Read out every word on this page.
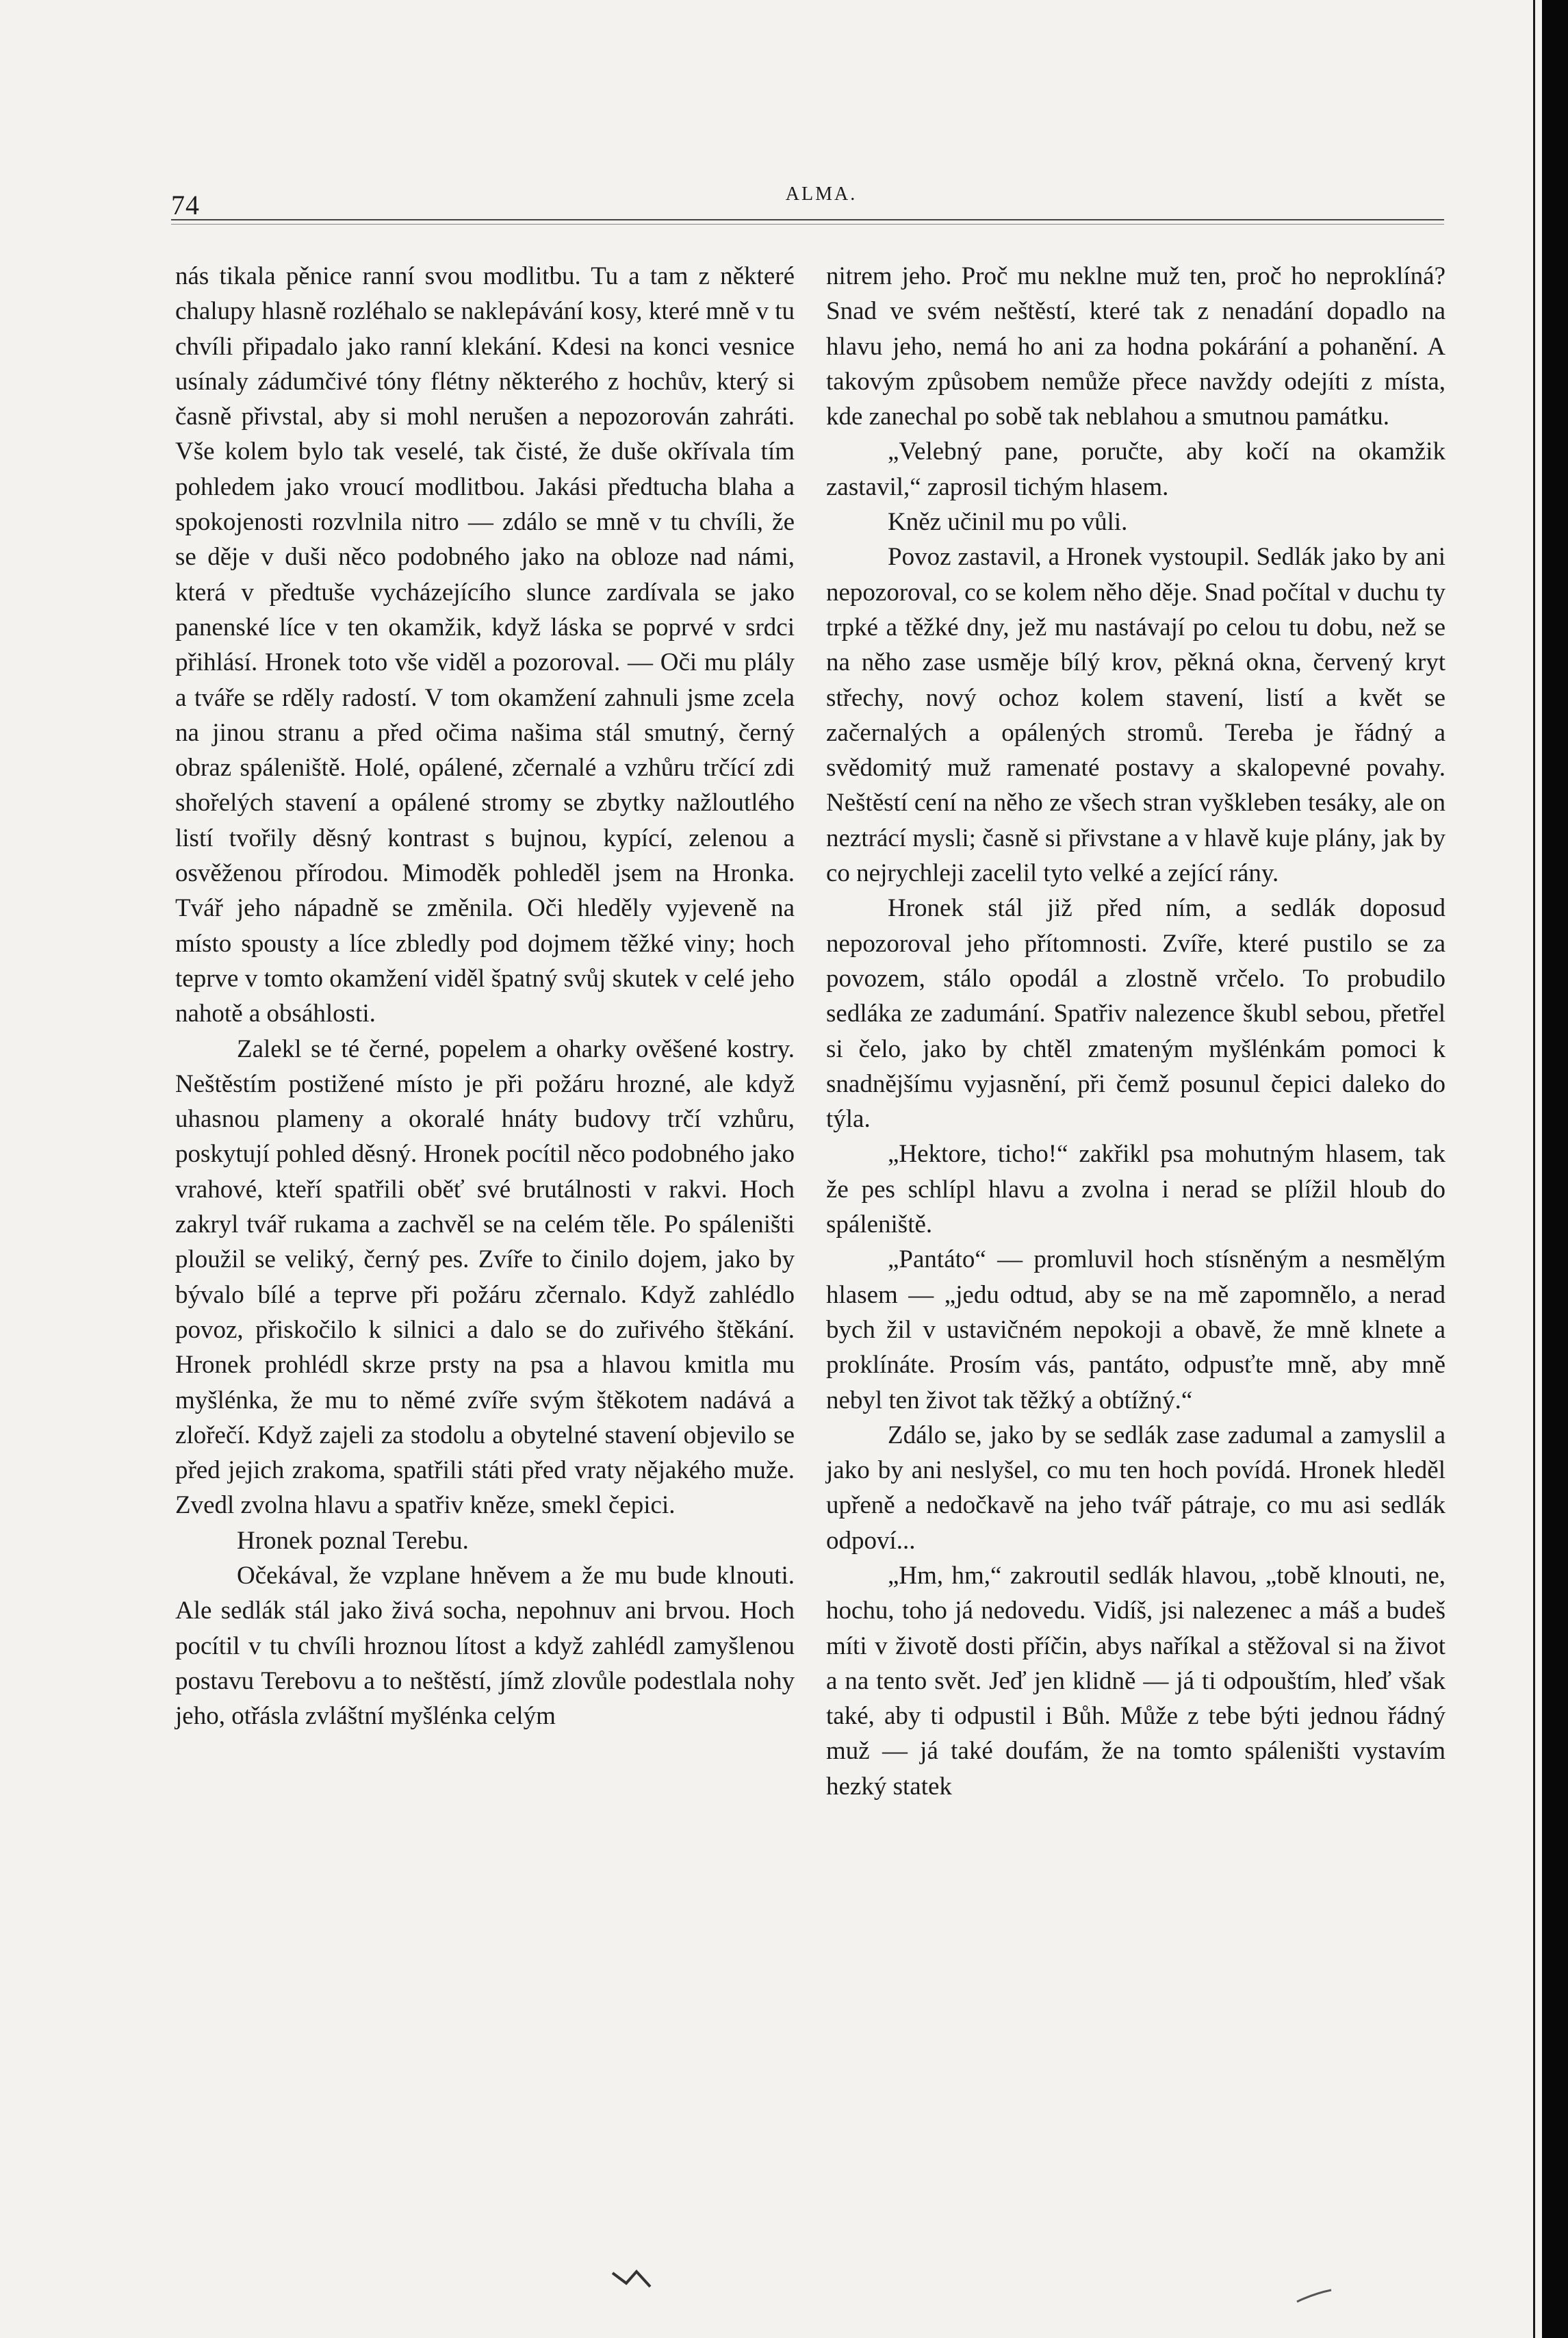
74	ALMA.

nás tikala pěnice ranní svou modlitbu. Tu a tam z některé chalupy hlasně rozléhalo se naklepávání kosy, které mně v tu chvíli připadalo jako ranní klekání. Kdesi na konci vesnice usínaly zádumčivé tóny flétny některého z hochův, který si časně přivstal, aby si mohl nerušen a nepozorován zahráti. Vše kolem bylo tak veselé, tak čisté, že duše okřívala tím pohledem jako vroucí modlitbou. Jakási předtucha blaha a spokojenosti rozvlnila nitro — zdálo se mně v tu chvíli, že se děje v duši něco podobného jako na obloze nad námi, která v předtuše vycházejícího slunce zardívala se jako panenské líce v ten okamžik, když láska se poprvé v srdci přihlásí. Hronek toto vše viděl a pozoroval. — Oči mu plály a tváře se rděly radostí. V tom okamžení zahnuli jsme zcela na jinou stranu a před očima našima stál smutný, černý obraz spáleniště. Holé, opálené, zčernalé a vzhůru trčící zdi shořelých stavení a opálené stromy se zbytky nažloutlého listí tvořily děsný kontrast s bujnou, kypící, zelenou a osvěženou přírodou. Mimoděk pohleděl jsem na Hronka. Tvář jeho nápadně se změnila. Oči hleděly vyjeveně na místo spousty a líce zbledly pod dojmem těžké viny; hoch teprve v tomto okamžení viděl špatný svůj skutek v celé jeho nahotě a obsáhlosti.

Zalekl se té černé, popelem a oharky ověšené kostry. Neštěstím postižené místo je při požáru hrozné, ale když uhasnou plameny a okoralé hnáty budovy trčí vzhůru, poskytují pohled děsný. Hronek pocítil něco podobného jako vrahové, kteří spatřili oběť své brutálnosti v rakvi. Hoch zakryl tvář rukama a zachvěl se na celém těle. Po spáleništi ploužil se veliký, černý pes. Zvíře to činilo dojem, jako by bývalo bílé a teprve při požáru zčernalo. Když zahlédlo povoz, přiskočilo k silnici a dalo se do zuřivého štěkání. Hronek prohlédl skrze prsty na psa a hlavou kmitla mu myšlénka, že mu to němé zvíře svým štěkotem nadává a zlořečí. Když zajeli za stodolu a obytelné stavení objevilo se před jejich zrakoma, spatřili státi před vraty nějakého muže. Zvedl zvolna hlavu a spatřiv kněze, smekl čepici.

Hronek poznal Terebu.

Očekával, že vzplane hněvem a že mu bude klnouti. Ale sedlák stál jako živá socha, nepohnuv ani brvou. Hoch pocítil v tu chvíli hroznou lítost a když zahlédl zamyšlenou postavu Terebovu a to neštěstí, jímž zlovůle podestlala nohy jeho, otřásla zvláštní myšlénka celým

nitrem jeho. Proč mu neklne muž ten, proč ho neproklíná? Snad ve svém neštěstí, které tak z nenadání dopadlo na hlavu jeho, nemá ho ani za hodna pokárání a pohanění. A takovým způsobem nemůže přece navždy odejíti z místa, kde zanechal po sobě tak neblahou a smutnou památku.

„Velebný pane, poručte, aby kočí na okamžik zastavil,“ zaprosil tichým hlasem.

Kněz učinil mu po vůli.

Povoz zastavil, a Hronek vystoupil. Sedlák jako by ani nepozoroval, co se kolem něho děje. Snad počítal v duchu ty trpké a těžké dny, jež mu nastávají po celou tu dobu, než se na něho zase usměje bílý krov, pěkná okna, červený kryt střechy, nový ochoz kolem stavení, listí a květ se začernalých a opálených stromů. Tereba je řádný a svědomitý muž ramenaté postavy a skalopevné povahy. Neštěstí cení na něho ze všech stran vyškleben tesáky, ale on neztrácí mysli; časně si přivstane a v hlavě kuje plány, jak by co nejrychleji zacelil tyto velké a zející rány.

Hronek stál již před ním, a sedlák doposud nepozoroval jeho přítomnosti. Zvíře, které pustilo se za povozem, stálo opodál a zlostně vrčelo. To probudilo sedláka ze zadumání. Spatřiv nalezence škubl sebou, přetřel si čelo, jako by chtěl zmateným myšlénkám pomoci k snadnějšímu vyjasnění, při čemž posunul čepici daleko do týla.

„Hektore, ticho!“ zakřikl psa mohutným hlasem, tak že pes schlípl hlavu a zvolna i nerad se plížil hloub do spáleniště.

„Pantáto“ — promluvil hoch stísněným a nesmělým hlasem — „jedu odtud, aby se na mě zapomnělo, a nerad bych žil v ustavičném nepokoji a obavě, že mně klnete a proklínáte. Prosím vás, pantáto, odpusťte mně, aby mně nebyl ten život tak těžký a obtížný.“

Zdálo se, jako by se sedlák zase zadumal a zamyslil a jako by ani neslyšel, co mu ten hoch povídá. Hronek hleděl upřeně a nedočkavě na jeho tvář pátraje, co mu asi sedlák odpoví...

„Hm, hm,“ zakroutil sedlák hlavou, „tobě klnouti, ne, hochu, toho já nedovedu. Vidíš, jsi nalezenec a máš a budeš míti v životě dosti příčin, abys naříkal a stěžoval si na život a na tento svět. Jeď jen klidně — já ti odpouštím, hleď však také, aby ti odpustil i Bůh. Může z tebe býti jednou řádný muž — já také doufám, že na tomto spáleništi vystavím hezký statek
